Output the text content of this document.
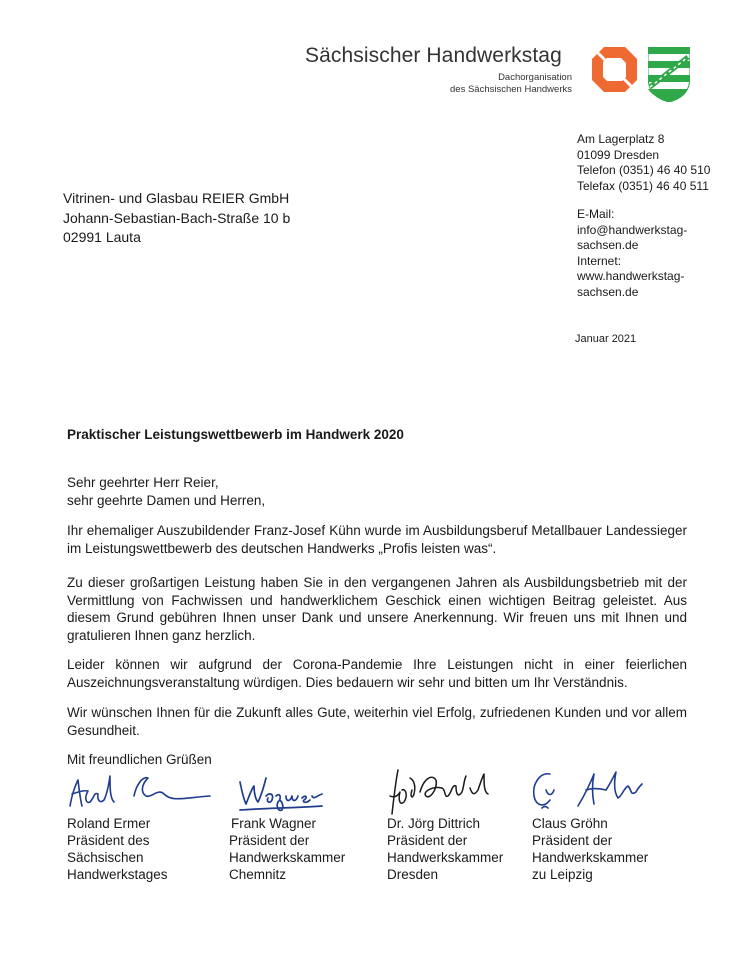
Sächsischer Handwerkstag
Dachorganisation
des Sächsischen Handwerks
Am Lagerplatz 8
01099 Dresden
Telefon (0351) 46 40 510
Telefax (0351) 46 40 511
E-Mail:
info@handwerkstag-
sachsen.de
Internet:
www.handwerkstag-
sachsen.de
Vitrinen- und Glasbau REIER GmbH
Johann-Sebastian-Bach-Straße 10 b
02991 Lauta
Januar 2021
Praktischer Leistungswettbewerb im Handwerk 2020
Sehr geehrter Herr Reier,
sehr geehrte Damen und Herren,
Ihr ehemaliger Auszubildender Franz-Josef Kühn wurde im Ausbildungsberuf Metallbauer Landessieger im Leistungswettbewerb des deutschen Handwerks „Profis leisten was“.
Zu dieser großartigen Leistung haben Sie in den vergangenen Jahren als Ausbildungsbetrieb mit der Vermittlung von Fachwissen und handwerklichem Geschick einen wichtigen Beitrag geleistet. Aus diesem Grund gebühren Ihnen unser Dank und unsere Anerkennung. Wir freuen uns mit Ihnen und gratulieren Ihnen ganz herzlich.
Leider können wir aufgrund der Corona-Pandemie Ihre Leistungen nicht in einer feierlichen Auszeichnungsveranstaltung würdigen. Dies bedauern wir sehr und bitten um Ihr Verständnis.
Wir wünschen Ihnen für die Zukunft alles Gute, weiterhin viel Erfolg, zufriedenen Kunden und vor allem Gesundheit.
Mit freundlichen Grüßen
Roland Ermer
Präsident des
Sächsischen
Handwerkstages
Frank Wagner
Präsident der
Handwerkskammer
Chemnitz
Dr. Jörg Dittrich
Präsident der
Handwerkskammer
Dresden
Claus Gröhn
Präsident der
Handwerkskammer
zu Leipzig
